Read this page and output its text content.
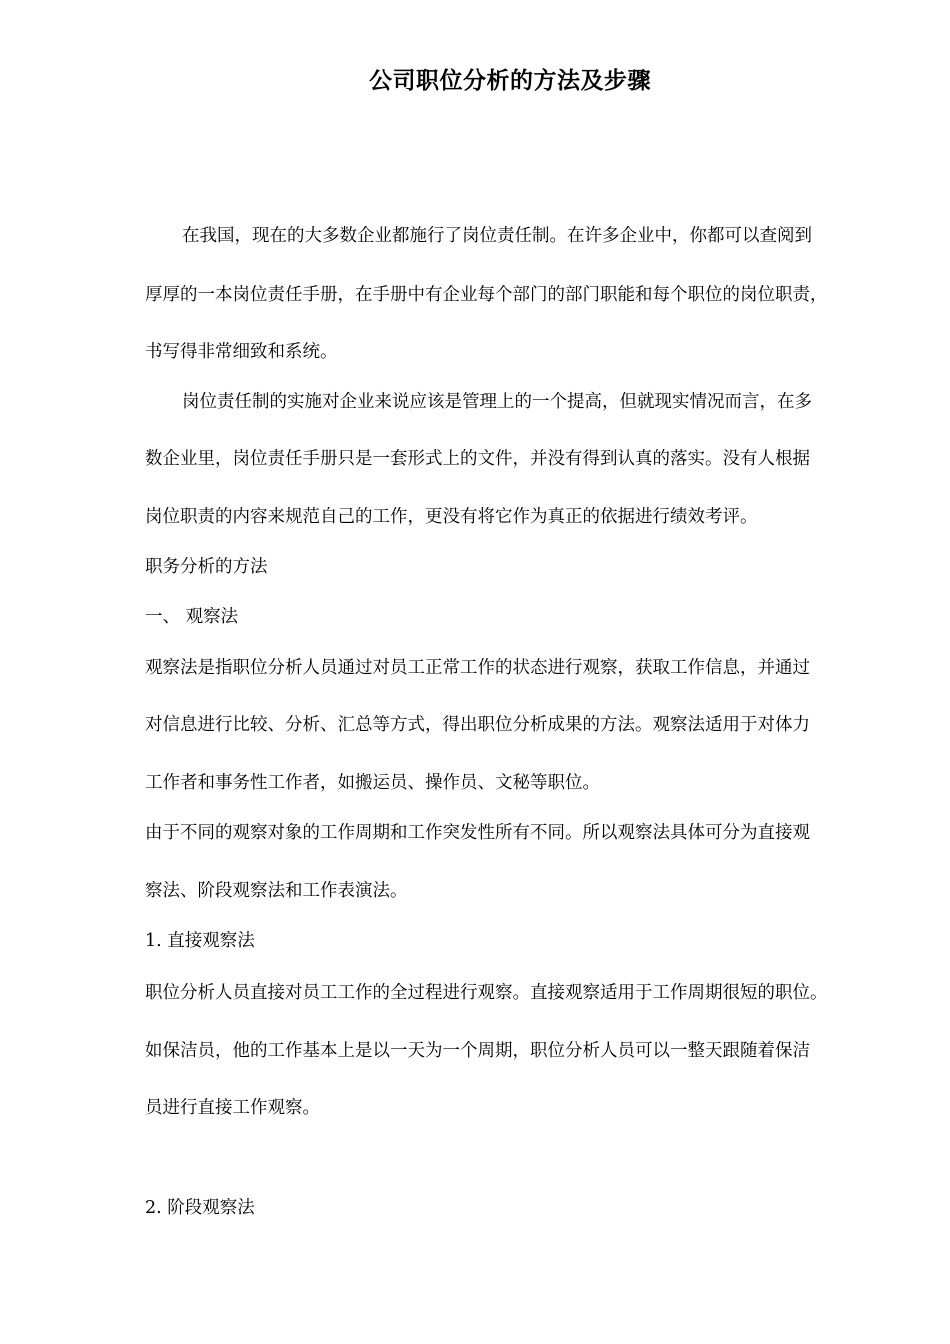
公司职位分析的方法及步骤
在我国，现在的大多数企业都施行了岗位责任制。在许多企业中，你都可以查阅到
厚厚的一本岗位责任手册，在手册中有企业每个部门的部门职能和每个职位的岗位职责，
书写得非常细致和系统。
岗位责任制的实施对企业来说应该是管理上的一个提高，但就现实情况而言，在多
数企业里，岗位责任手册只是一套形式上的文件，并没有得到认真的落实。没有人根据
岗位职责的内容来规范自己的工作，更没有将它作为真正的依据进行绩效考评。
职务分析的方法
一、 观察法
观察法是指职位分析人员通过对员工正常工作的状态进行观察，获取工作信息，并通过
对信息进行比较、分析、汇总等方式，得出职位分析成果的方法。观察法适用于对体力
工作者和事务性工作者，如搬运员、操作员、文秘等职位。
由于不同的观察对象的工作周期和工作突发性所有不同。所以观察法具体可分为直接观
察法、阶段观察法和工作表演法。
1. 直接观察法
职位分析人员直接对员工工作的全过程进行观察。直接观察适用于工作周期很短的职位。
如保洁员，他的工作基本上是以一天为一个周期，职位分析人员可以一整天跟随着保洁
员进行直接工作观察。
2. 阶段观察法
